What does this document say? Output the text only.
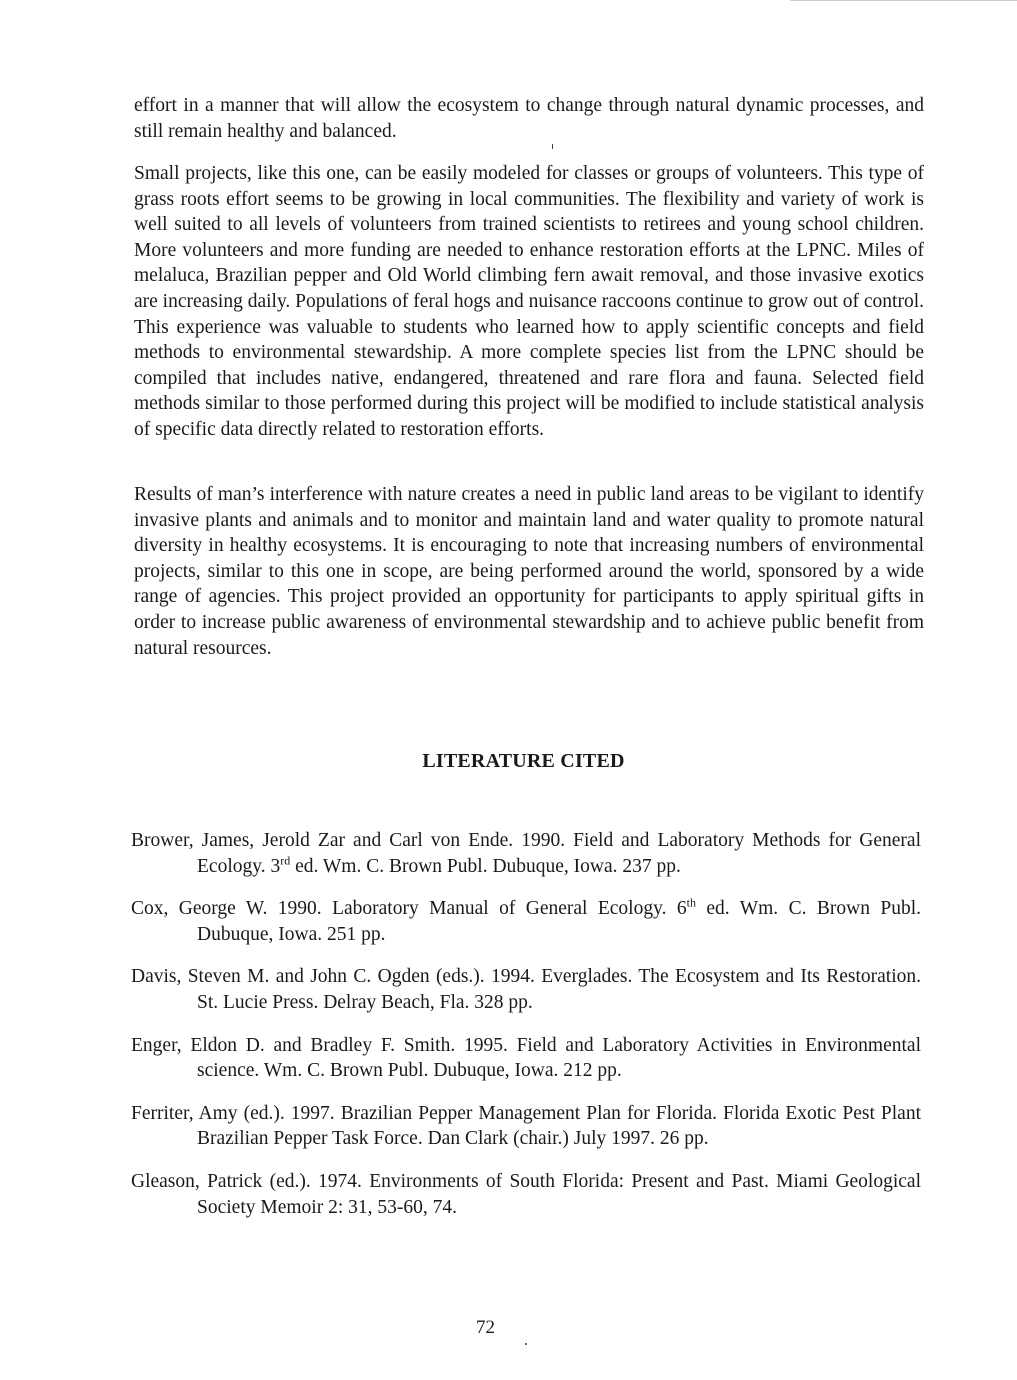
effort in a manner that will allow the ecosystem to change through natural dynamic processes, and still remain healthy and balanced.

Small projects, like this one, can be easily modeled for classes or groups of volunteers. This type of grass roots effort seems to be growing in local communities. The flexibility and variety of work is well suited to all levels of volunteers from trained scientists to retirees and young school children. More volunteers and more funding are needed to enhance restoration efforts at the LPNC. Miles of melaluca, Brazilian pepper and Old World climbing fern await removal, and those invasive exotics are increasing daily. Populations of feral hogs and nuisance raccoons continue to grow out of control. This experience was valuable to students who learned how to apply scientific concepts and field methods to environmental stewardship. A more complete species list from the LPNC should be compiled that includes native, endangered, threatened and rare flora and fauna. Selected field methods similar to those performed during this project will be modified to include statistical analysis of specific data directly related to restoration efforts.

Results of man’s interference with nature creates a need in public land areas to be vigilant to identify invasive plants and animals and to monitor and maintain land and water quality to promote natural diversity in healthy ecosystems. It is encouraging to note that increasing numbers of environmental projects, similar to this one in scope, are being performed around the world, sponsored by a wide range of agencies. This project provided an opportunity for participants to apply spiritual gifts in order to increase public awareness of environmental stewardship and to achieve public benefit from natural resources.

LITERATURE CITED
Brower, James, Jerold Zar and Carl von Ende. 1990. Field and Laboratory Methods for General Ecology. 3rd ed. Wm. C. Brown Publ. Dubuque, Iowa. 237 pp.
Cox, George W. 1990. Laboratory Manual of General Ecology. 6th ed. Wm. C. Brown Publ. Dubuque, Iowa. 251 pp.
Davis, Steven M. and John C. Ogden (eds.). 1994. Everglades. The Ecosystem and Its Restoration. St. Lucie Press. Delray Beach, Fla. 328 pp.
Enger, Eldon D. and Bradley F. Smith. 1995. Field and Laboratory Activities in Environmental science. Wm. C. Brown Publ. Dubuque, Iowa. 212 pp.
Ferriter, Amy (ed.). 1997. Brazilian Pepper Management Plan for Florida. Florida Exotic Pest Plant Brazilian Pepper Task Force. Dan Clark (chair.) July 1997. 26 pp.
Gleason, Patrick (ed.). 1974. Environments of South Florida: Present and Past. Miami Geological Society Memoir 2: 31, 53-60, 74.

72
